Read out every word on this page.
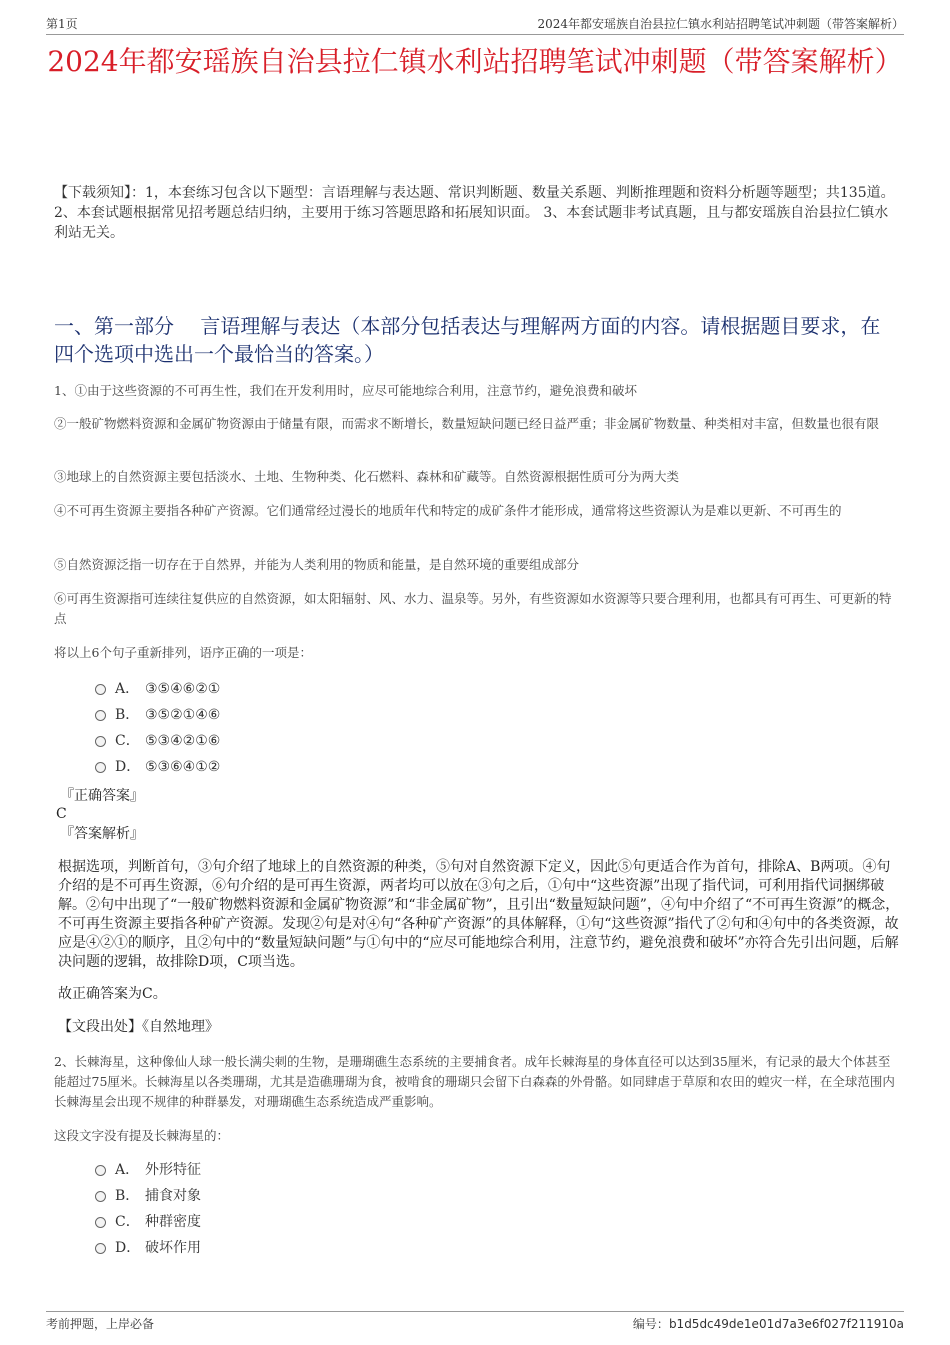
第1页	2024年都安瑶族自治县拉仁镇水利站招聘笔试冲刺题（带答案解析）
2024年都安瑶族自治县拉仁镇水利站招聘笔试冲刺题（带答案解析）

【下载须知】：1，本套练习包含以下题型：言语理解与表达题、常识判断题、数量关系题、判断推理题和资料分析题等题型；共135道。 2、本套试题根据常见招考题总结归纳，主要用于练习答题思路和拓展知识面。 3、本套试题非考试真题，且与都安瑶族自治县拉仁镇水利站无关。

一、第一部分　 言语理解与表达（本部分包括表达与理解两方面的内容。请根据题目要求，在四个选项中选出一个最恰当的答案。）

1、①由于这些资源的不可再生性，我们在开发利用时，应尽可能地综合利用，注意节约，避免浪费和破坏

②一般矿物燃料资源和金属矿物资源由于储量有限，而需求不断增长，数量短缺问题已经日益严重；非金属矿物数量、种类相对丰富，但数量也很有限

③地球上的自然资源主要包括淡水、土地、生物种类、化石燃料、森林和矿藏等。自然资源根据性质可分为两大类

④不可再生资源主要指各种矿产资源。它们通常经过漫长的地质年代和特定的成矿条件才能形成，通常将这些资源认为是难以更新、不可再生的

⑤自然资源泛指一切存在于自然界，并能为人类利用的物质和能量，是自然环境的重要组成部分

⑥可再生资源指可连续往复供应的自然资源，如太阳辐射、风、水力、温泉等。另外，有些资源如水资源等只要合理利用，也都具有可再生、可更新的特点

将以上6个句子重新排列，语序正确的一项是：

A． ③⑤④⑥②①
B． ③⑤②①④⑥
C． ⑤③④②①⑥
D． ⑤③⑥④①②
『正确答案』
C
『答案解析』

根据选项，判断首句，③句介绍了地球上的自然资源的种类，⑤句对自然资源下定义，因此⑤句更适合作为首句，排除A、B两项。④句介绍的是不可再生资源，⑥句介绍的是可再生资源，两者均可以放在③句之后，①句中“这些资源”出现了指代词，可利用指代词捆绑破解。②句中出现了“一般矿物燃料资源和金属矿物资源”和“非金属矿物”，且引出“数量短缺问题”，④句中介绍了“不可再生资源”的概念，不可再生资源主要指各种矿产资源。发现②句是对④句“各种矿产资源”的具体解释，①句“这些资源”指代了②句和④句中的各类资源，故应是④②①的顺序，且②句中的“数量短缺问题”与①句中的“应尽可能地综合利用，注意节约，避免浪费和破坏”亦符合先引出问题，后解决问题的逻辑，故排除D项，C项当选。

故正确答案为C。

【文段出处】《自然地理》

2、长棘海星，这种像仙人球一般长满尖刺的生物，是珊瑚礁生态系统的主要捕食者。成年长棘海星的身体直径可以达到35厘米，有记录的最大个体甚至能超过75厘米。长棘海星以各类珊瑚，尤其是造礁珊瑚为食，被啃食的珊瑚只会留下白森森的外骨骼。如同肆虐于草原和农田的蝗灾一样，在全球范围内长棘海星会出现不规律的种群暴发，对珊瑚礁生态系统造成严重影响。

这段文字没有提及长棘海星的：

A． 外形特征
B． 捕食对象
C． 种群密度
D． 破坏作用
考前押题，上岸必备	编号：b1d5dc49de1e01d7a3e6f027f211910a
